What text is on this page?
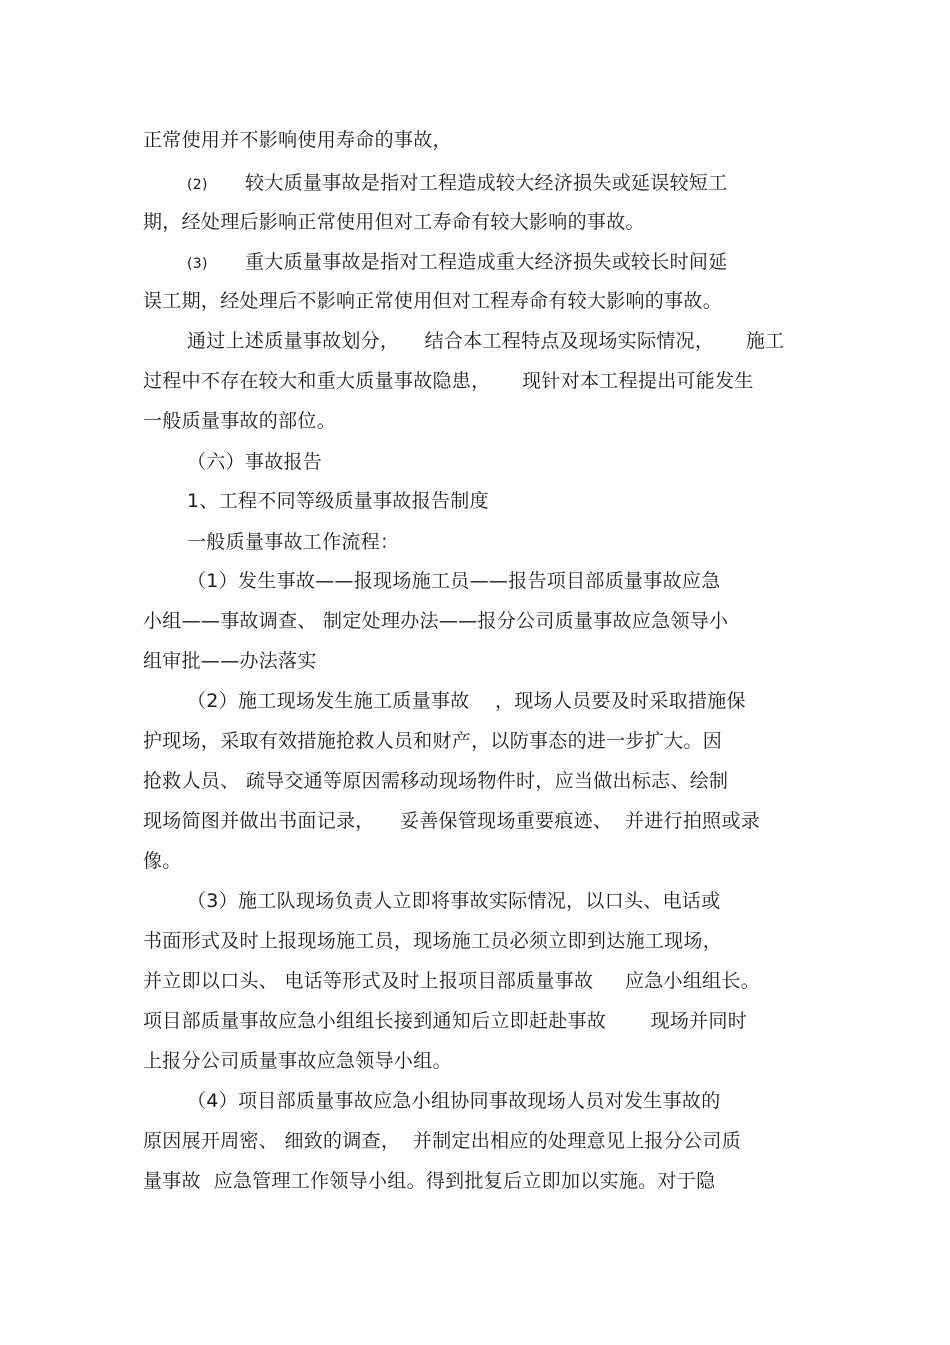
正常使用并不影响使用寿命的事故，
(2) 较大质量事故是指对工程造成较大经济损失或延误较短工
期，经处理后影响正常使用但对工寿命有较大影响的事故。
(3) 重大质量事故是指对工程造成重大经济损失或较长时间延
误工期，经处理后不影响正常使用但对工程寿命有较大影响的事故。
通过上述质量事故划分，    结合本工程特点及现场实际情况，     施工
过程中不存在较大和重大质量事故隐患，     现针对本工程提出可能发生
一般质量事故的部位。
（六）事故报告
1、工程不同等级质量事故报告制度
一般质量事故工作流程：
（1）发生事故——报现场施工员——报告项目部质量事故应急
小组——事故调查、 制定处理办法——报分公司质量事故应急领导小
组审批——办法落实
（2）施工现场发生施工质量事故    ，现场人员要及时采取措施保
护现场，采取有效措施抢救人员和财产，以防事态的进一步扩大。因
抢救人员、 疏导交通等原因需移动现场物件时，应当做出标志、绘制
现场简图并做出书面记录，    妥善保管现场重要痕迹、  并进行拍照或录
像。
（3）施工队现场负责人立即将事故实际情况，以口头、电话或
书面形式及时上报现场施工员，现场施工员必须立即到达施工现场，
并立即以口头、 电话等形式及时上报项目部质量事故     应急小组组长。
项目部质量事故应急小组组长接到通知后立即赶赴事故       现场并同时
上报分公司质量事故应急领导小组。
（4）项目部质量事故应急小组协同事故现场人员对发生事故的
原因展开周密、 细致的调查，  并制定出相应的处理意见上报分公司质
量事故  应急管理工作领导小组。得到批复后立即加以实施。对于隐
